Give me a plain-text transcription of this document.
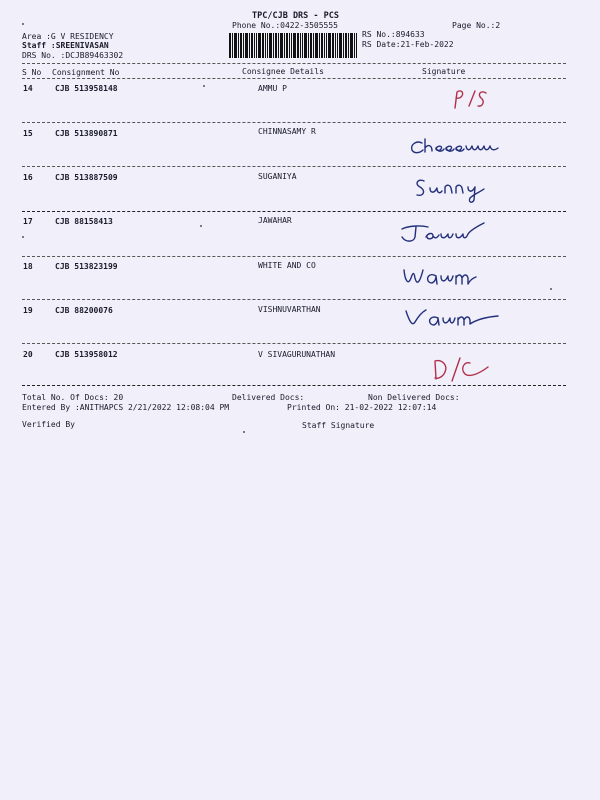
TPC/CJB DRS - PCS
Phone No.:0422-3505555	Page No.:2
Area :G V RESIDENCY
Staff :SREENIVASAN
DRS No. :DCJB89463302
RS No.:894633
RS Date:21-Feb-2022
S No Consignment No	Consignee Details	Signature
14	CJB 513958148	AMMU P
15	CJB 513890871	CHINNASAMY R
16	CJB 513887509	SUGANIYA
17	CJB 88158413	JAWAHAR
18	CJB 513823199	WHITE AND CO
19	CJB 88200076	VISHNUVARTHAN
20	CJB 513958012	V SIVAGURUNATHAN
Total No. Of Docs: 20	Delivered Docs:	Non Delivered Docs:
Entered By :ANITHAPCS 2/21/2022 12:08:04 PM	Printed On: 21-02-2022 12:07:14
Verified By	Staff Signature
